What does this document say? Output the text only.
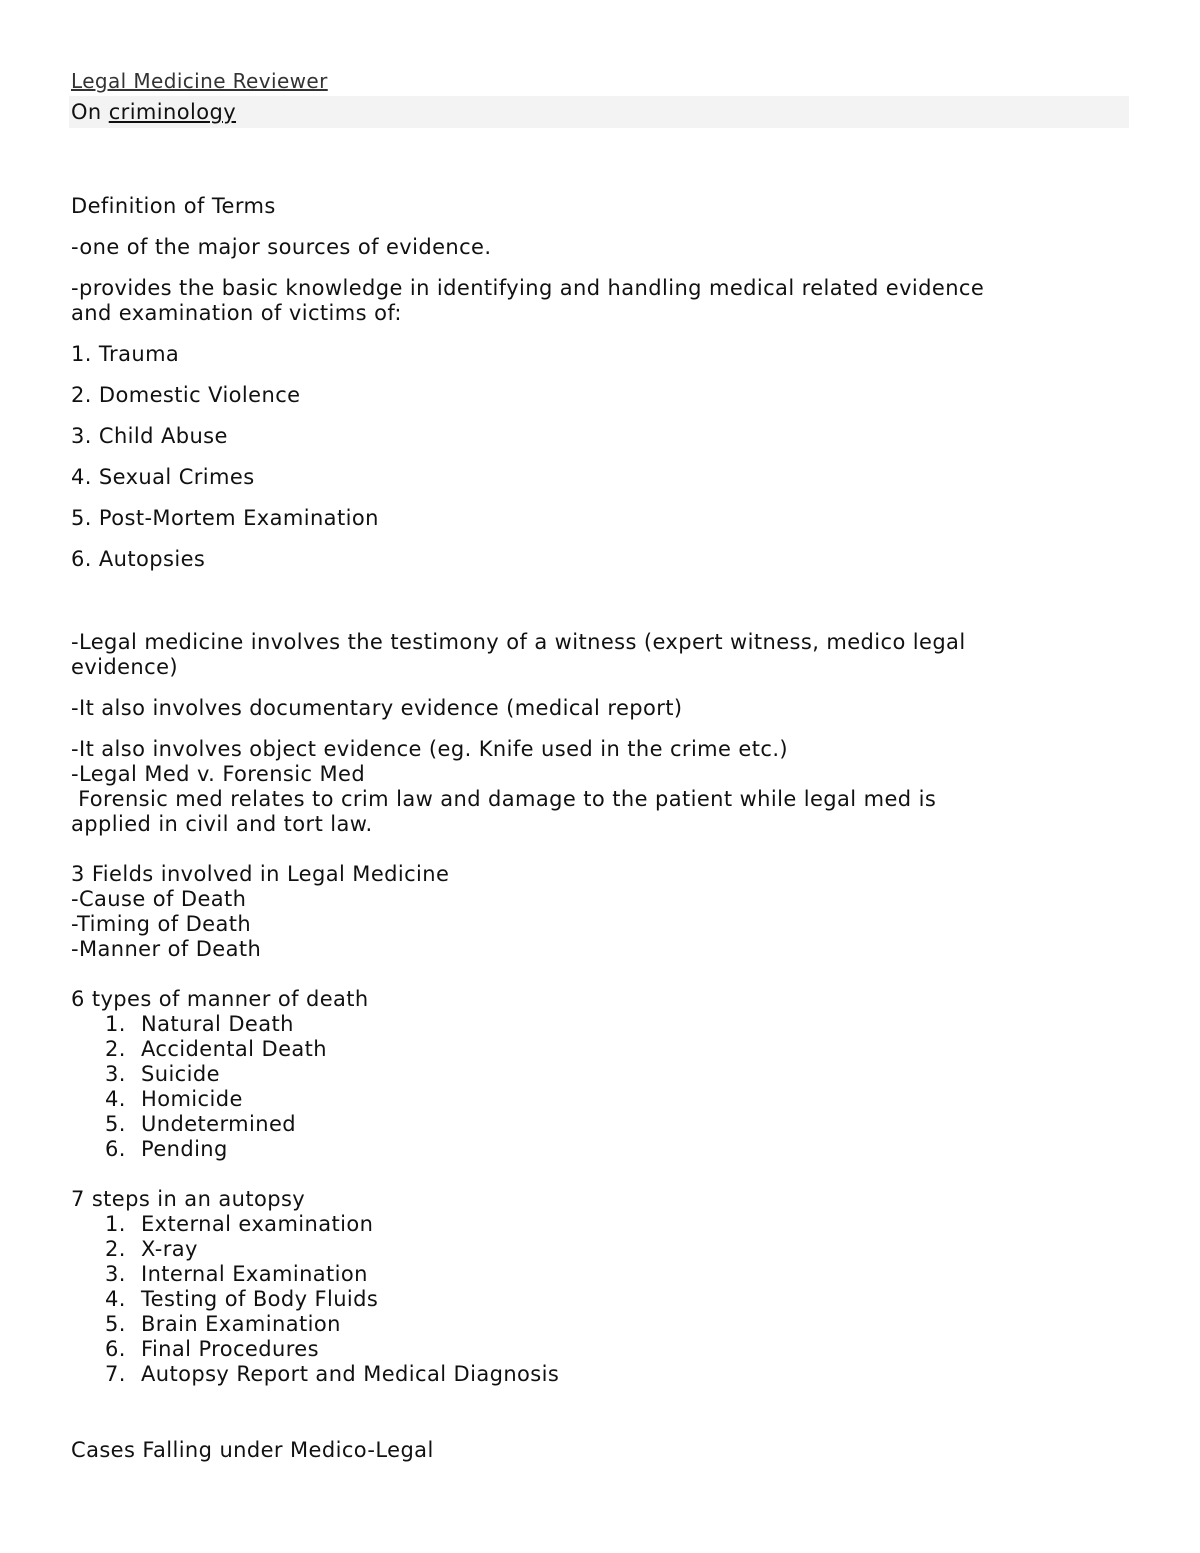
Legal Medicine Reviewer
On criminology

Definition of Terms

-one of the major sources of evidence.

-provides the basic knowledge in identifying and handling medical related evidence

and examination of victims of:

1. Trauma

2. Domestic Violence

3. Child Abuse

4. Sexual Crimes

5. Post-Mortem Examination

6. Autopsies

-Legal medicine involves the testimony of a witness (expert witness, medico legal

evidence)

-It also involves documentary evidence (medical report)

-It also involves object evidence (eg. Knife used in the crime etc.)

-Legal Med v. Forensic Med

Forensic med relates to crim law and damage to the patient while legal med is

applied in civil and tort law.

3 Fields involved in Legal Medicine

-Cause of Death

-Timing of Death

-Manner of Death

6 types of manner of death

1. Natural Death
2. Accidental Death
3. Suicide
4. Homicide
5. Undetermined
6. Pending

7 steps in an autopsy

1. External examination
2. X-ray
3. Internal Examination
4. Testing of Body Fluids
5. Brain Examination
6. Final Procedures
7. Autopsy Report and Medical Diagnosis

Cases Falling under Medico-Legal
